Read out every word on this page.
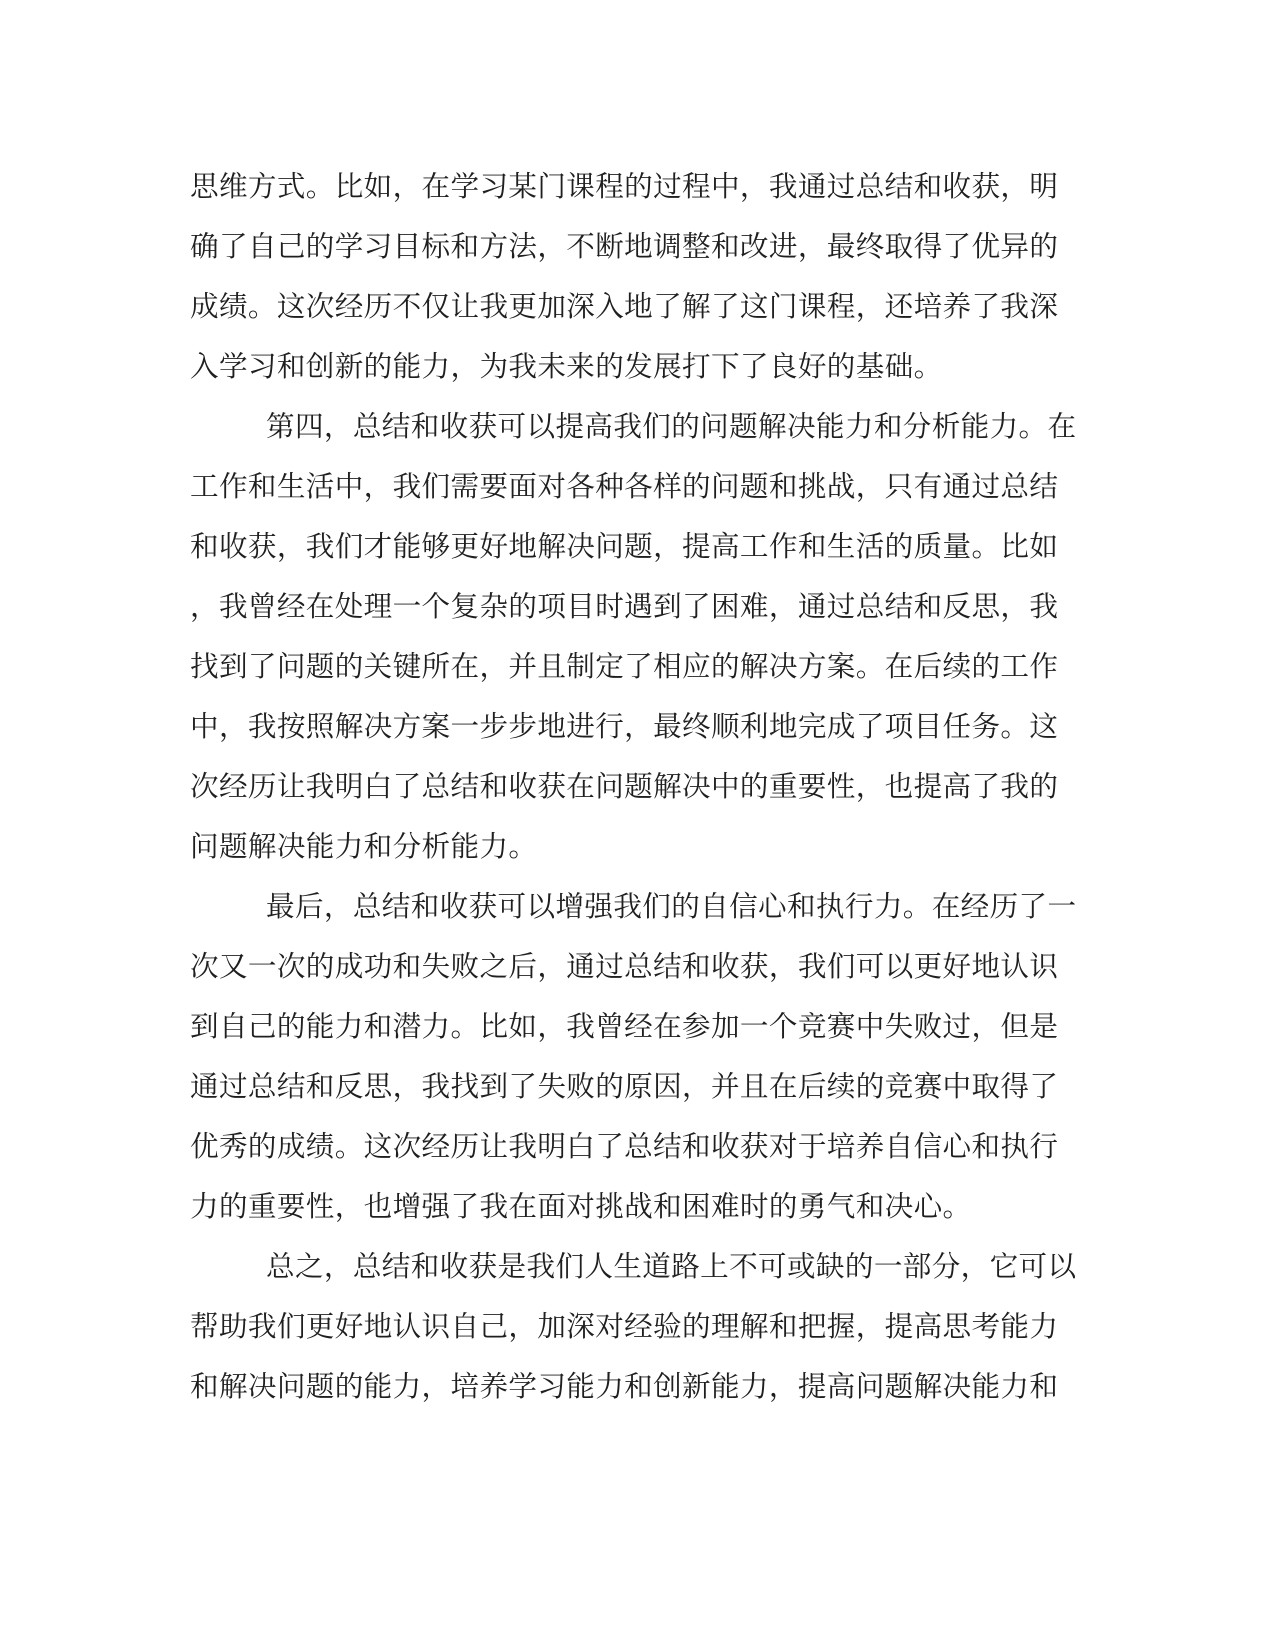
思维方式。比如，在学习某门课程的过程中，我通过总结和收获，明
确了自己的学习目标和方法，不断地调整和改进，最终取得了优异的
成绩。这次经历不仅让我更加深入地了解了这门课程，还培养了我深
入学习和创新的能力，为我未来的发展打下了良好的基础。
第四，总结和收获可以提高我们的问题解决能力和分析能力。在
工作和生活中，我们需要面对各种各样的问题和挑战，只有通过总结
和收获，我们才能够更好地解决问题，提高工作和生活的质量。比如
，我曾经在处理一个复杂的项目时遇到了困难，通过总结和反思，我
找到了问题的关键所在，并且制定了相应的解决方案。在后续的工作
中，我按照解决方案一步步地进行，最终顺利地完成了项目任务。这
次经历让我明白了总结和收获在问题解决中的重要性，也提高了我的
问题解决能力和分析能力。
最后，总结和收获可以增强我们的自信心和执行力。在经历了一
次又一次的成功和失败之后，通过总结和收获，我们可以更好地认识
到自己的能力和潜力。比如，我曾经在参加一个竞赛中失败过，但是
通过总结和反思，我找到了失败的原因，并且在后续的竞赛中取得了
优秀的成绩。这次经历让我明白了总结和收获对于培养自信心和执行
力的重要性，也增强了我在面对挑战和困难时的勇气和决心。
总之，总结和收获是我们人生道路上不可或缺的一部分，它可以
帮助我们更好地认识自己，加深对经验的理解和把握，提高思考能力
和解决问题的能力，培养学习能力和创新能力，提高问题解决能力和
